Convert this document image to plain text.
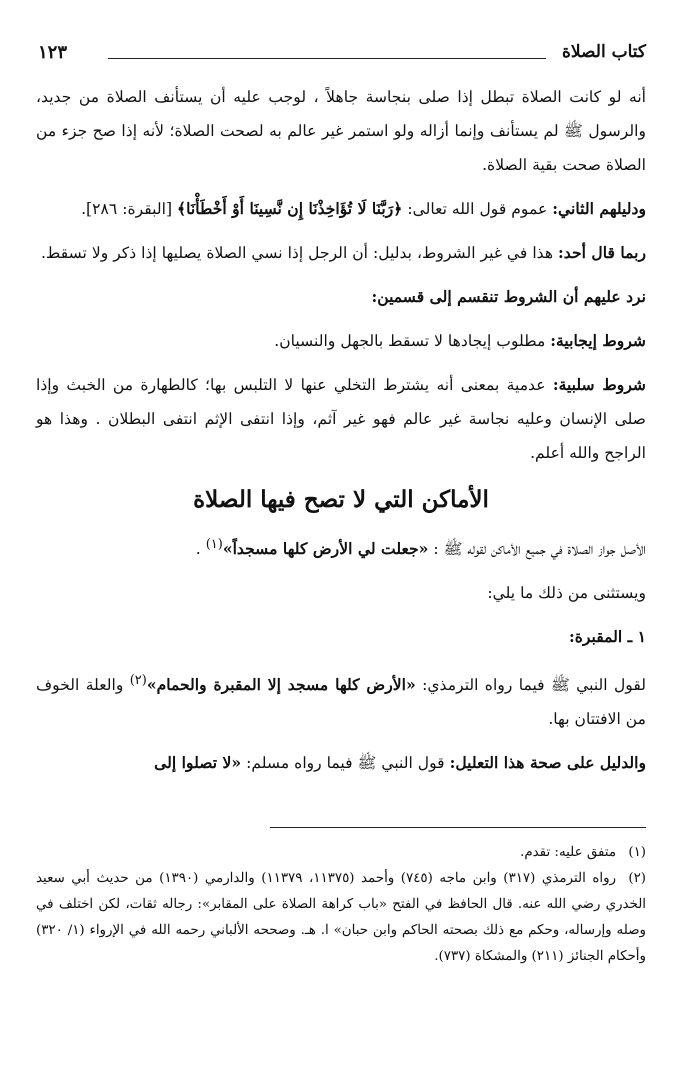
كتاب الصلاة
١٢٣

أنه لو كانت الصلاة تبطل إذا صلى بنجاسة جاهلاً ، لوجب عليه أن يستأنف الصلاة من جديد، والرسول ﷺ لم يستأنف وإنما أزاله ولو استمر غير عالم به لصحت الصلاة؛ لأنه إذا صح جزء من الصلاة صحت بقية الصلاة.

ودليلهم الثاني: عموم قول الله تعالى: ﴿رَبَّنَا لَا تُؤَاخِذْنَا إِن نَّسِينَا أَوْ أَخْطَأْنَا﴾ [البقرة: ٢٨٦].

ربما قال أحد: هذا في غير الشروط، بدليل: أن الرجل إذا نسي الصلاة يصليها إذا ذكر ولا تسقط.

نرد عليهم أن الشروط تنقسم إلى قسمين:

شروط إيجابية: مطلوب إيجادها لا تسقط بالجهل والنسيان.

شروط سلبية: عدمية بمعنى أنه يشترط التخلي عنها لا التلبس بها؛ كالطهارة من الخبث وإذا صلى الإنسان وعليه نجاسة غير عالم فهو غير آثم، وإذا انتفى الإثم انتفى البطلان . وهذا هو الراجح والله أعلم.

الأماكن التي لا تصح فيها الصلاة

الأصل جواز الصلاة في جميع الأماكن لقوله ﷺ : «جعلت لي الأرض كلها مسجداً»$^{(١)}$ .

ويستثنى من ذلك ما يلي:

١ ـ المقبرة:

لقول النبي ﷺ فيما رواه الترمذي: «الأرض كلها مسجد إلا المقبرة والحمام»$^{(٢)}$ والعلة الخوف من الافتتان بها.

والدليل على صحة هذا التعليل: قول النبي ﷺ فيما رواه مسلم: «لا تصلوا إلى

(١)متفق عليه: تقدم.

(٢)رواه الترمذي (٣١٧) وابن ماجه (٧٤٥) وأحمد (١١٣٧٥، ١١٣٧٩) والدارمي (١٣٩٠) من حديث أبي سعيد الخدري رضي الله عنه. قال الحافظ في الفتح «باب كراهة الصلاة على المقابر»: رجاله ثقات، لكن اختلف في وصله وإرساله، وحكم مع ذلك بصحته الحاكم وابن حبان» ا. هـ. وصححه الألباني رحمه الله في الإرواء (١/ ٣٢٠) وأحكام الجنائز (٢١١) والمشكاة (٧٣٧).
